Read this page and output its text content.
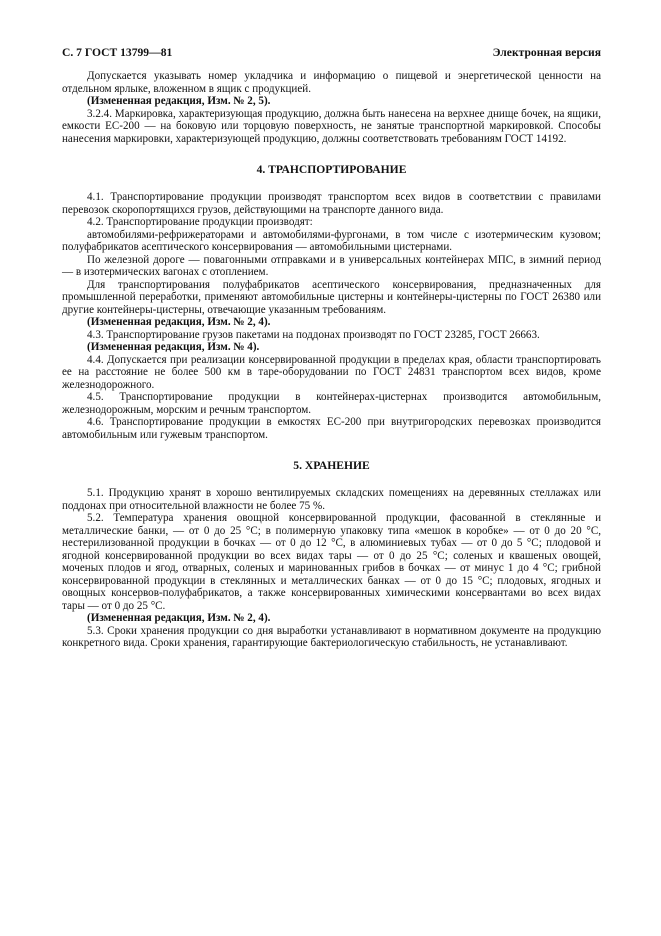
С. 7 ГОСТ 13799—81	Электронная версия

Допускается указывать номер укладчика и информацию о пищевой и энергетической ценности на отдельном ярлыке, вложенном в ящик с продукцией.

(Измененная редакция, Изм. № 2, 5).

3.2.4. Маркировка, характеризующая продукцию, должна быть нанесена на верхнее днище бочек, на ящики, емкости ЕС-200 — на боковую или торцовую поверхность, не занятые транспортной маркировкой. Способы нанесения маркировки, характеризующей продукцию, должны соответствовать требованиям ГОСТ 14192.

4. ТРАНСПОРТИРОВАНИЕ

4.1. Транспортирование продукции производят транспортом всех видов в соответствии с правилами перевозок скоропортящихся грузов, действующими на транспорте данного вида.

4.2. Транспортирование продукции производят:

автомобилями-рефрижераторами и автомобилями-фургонами, в том числе с изотермическим кузовом; полуфабрикатов асептического консервирования — автомобильными цистернами.

По железной дороге — повагонными отправками и в универсальных контейнерах МПС, в зимний период — в изотермических вагонах с отоплением.

Для транспортирования полуфабрикатов асептического консервирования, предназначенных для промышленной переработки, применяют автомобильные цистерны и контейнеры-цистерны по ГОСТ 26380 или другие контейнеры-цистерны, отвечающие указанным требованиям.

(Измененная редакция, Изм. № 2, 4).

4.3. Транспортирование грузов пакетами на поддонах производят по ГОСТ 23285, ГОСТ 26663.

(Измененная редакция, Изм. № 4).

4.4. Допускается при реализации консервированной продукции в пределах края, области транспортировать ее на расстояние не более 500 км в таре-оборудовании по ГОСТ 24831 транспортом всех видов, кроме железнодорожного.

4.5. Транспортирование продукции в контейнерах-цистернах производится автомобильным, железнодорожным, морским и речным транспортом.

4.6. Транспортирование продукции в емкостях ЕС-200 при внутригородских перевозках производится автомобильным или гужевым транспортом.

5. ХРАНЕНИЕ

5.1. Продукцию хранят в хорошо вентилируемых складских помещениях на деревянных стеллажах или поддонах при относительной влажности не более 75 %.

5.2. Температура хранения овощной консервированной продукции, фасованной в стеклянные и металлические банки, — от 0 до 25 °С; в полимерную упаковку типа «мешок в коробке» — от 0 до 20 °С, нестерилизованной продукции в бочках — от 0 до 12 °С, в алюминиевых тубах — от 0 до 5 °С; плодовой и ягодной консервированной продукции во всех видах тары — от 0 до 25 °С; соленых и квашеных овощей, моченых плодов и ягод, отварных, соленых и маринованных грибов в бочках — от минус 1 до 4 °С; грибной консервированной продукции в стеклянных и металлических банках — от 0 до 15 °С; плодовых, ягодных и овощных консервов-полуфабрикатов, а также консервированных химическими консервантами во всех видах тары — от 0 до 25 °С.

(Измененная редакция, Изм. № 2, 4).

5.3. Сроки хранения продукции со дня выработки устанавливают в нормативном документе на продукцию конкретного вида. Сроки хранения, гарантирующие бактериологическую стабильность, не устанавливают.
